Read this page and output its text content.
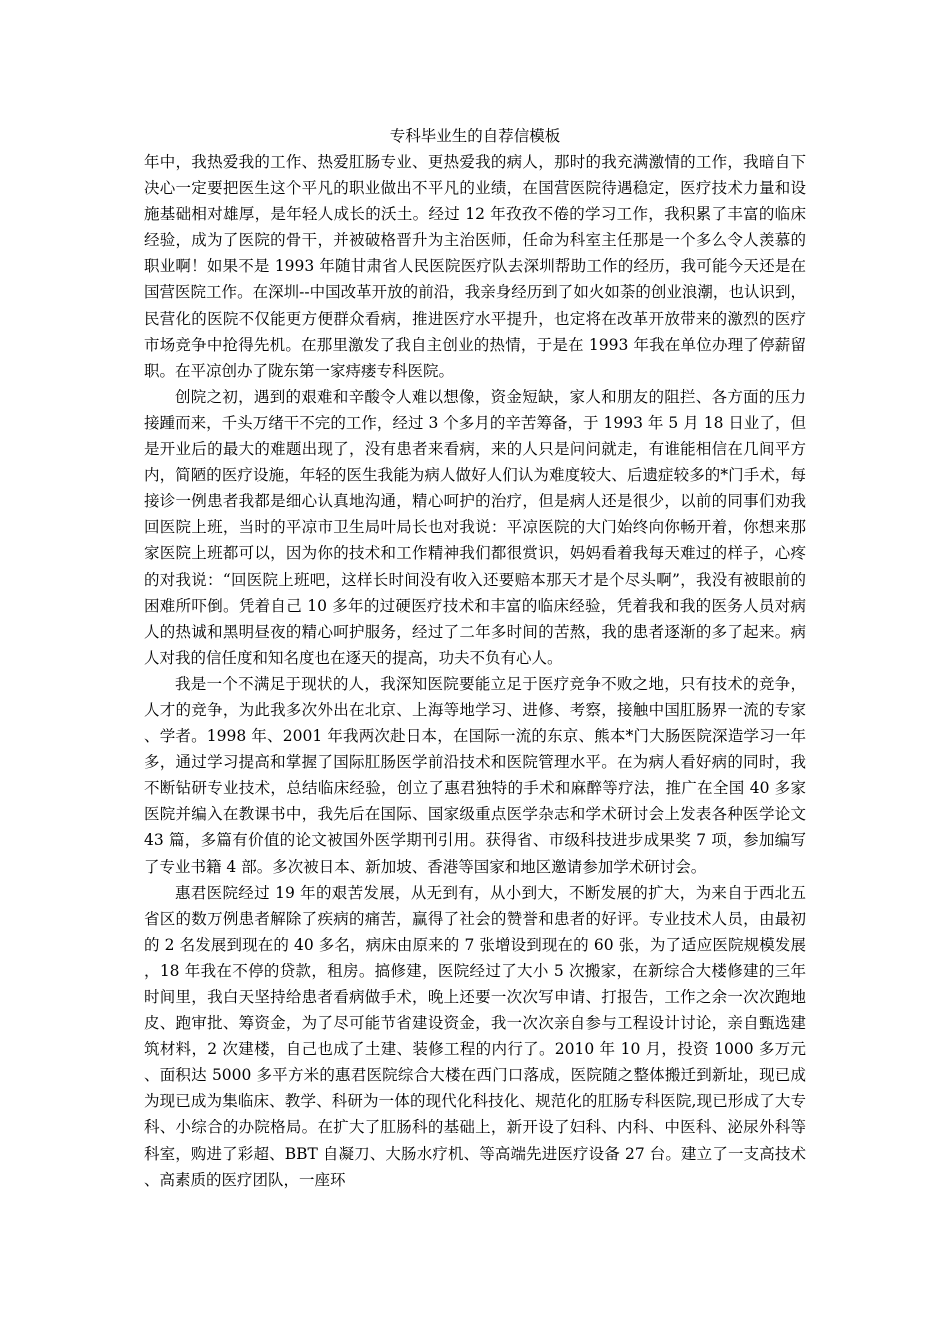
专科毕业生的自荐信模板

年中，我热爱我的工作、热爱肛肠专业、更热爱我的病人，那时的我充满激情的工作，我暗自下决心一定要把医生这个平凡的职业做出不平凡的业绩，在国营医院待遇稳定，医疗技术力量和设施基础相对雄厚，是年轻人成长的沃土。经过 12 年孜孜不倦的学习工作，我积累了丰富的临床经验，成为了医院的骨干，并被破格晋升为主治医师，任命为科室主任那是一个多么令人羡慕的职业啊！如果不是 1993 年随甘肃省人民医院医疗队去深圳帮助工作的经历，我可能今天还是在国营医院工作。在深圳--中国改革开放的前沿，我亲身经历到了如火如荼的创业浪潮，也认识到，民营化的医院不仅能更方便群众看病，推进医疗水平提升，也定将在改革开放带来的激烈的医疗市场竞争中抢得先机。在那里激发了我自主创业的热情，于是在 1993 年我在单位办理了停薪留职。在平凉创办了陇东第一家痔瘘专科医院。

创院之初，遇到的艰难和辛酸令人难以想像，资金短缺，家人和朋友的阻拦、各方面的压力接踵而来，千头万绪干不完的工作，经过 3 个多月的辛苦筹备，于 1993 年 5 月 18 日业了，但是开业后的最大的难题出现了，没有患者来看病，来的人只是问问就走，有谁能相信在几间平方内，简陋的医疗设施，年轻的医生我能为病人做好人们认为难度较大、后遗症较多的*门手术，每接诊一例患者我都是细心认真地沟通，精心呵护的治疗，但是病人还是很少，以前的同事们劝我回医院上班，当时的平凉市卫生局叶局长也对我说：平凉医院的大门始终向你畅开着，你想来那家医院上班都可以，因为你的技术和工作精神我们都很赏识，妈妈看着我每天难过的样子，心疼的对我说：“回医院上班吧，这样长时间没有收入还要赔本那天才是个尽头啊”，我没有被眼前的困难所吓倒。凭着自己 10 多年的过硬医疗技术和丰富的临床经验，凭着我和我的医务人员对病人的热诚和黑明昼夜的精心呵护服务，经过了二年多时间的苦熬，我的患者逐渐的多了起来。病人对我的信任度和知名度也在逐天的提高，功夫不负有心人。

我是一个不满足于现状的人，我深知医院要能立足于医疗竞争不败之地，只有技术的竞争，人才的竞争，为此我多次外出在北京、上海等地学习、进修、考察，接触中国肛肠界一流的专家、学者。1998 年、2001 年我两次赴日本，在国际一流的东京、熊本*门大肠医院深造学习一年多，通过学习提高和掌握了国际肛肠医学前沿技术和医院管理水平。在为病人看好病的同时，我不断钻研专业技术，总结临床经验，创立了惠君独特的手术和麻醉等疗法，推广在全国 40 多家医院并编入在教课书中，我先后在国际、国家级重点医学杂志和学术研讨会上发表各种医学论文 43 篇，多篇有价值的论文被国外医学期刊引用。获得省、市级科技进步成果奖 7 项，参加编写了专业书籍 4 部。多次被日本、新加坡、香港等国家和地区邀请参加学术研讨会。

惠君医院经过 19 年的艰苦发展，从无到有，从小到大，不断发展的扩大，为来自于西北五省区的数万例患者解除了疾病的痛苦，赢得了社会的赞誉和患者的好评。专业技术人员，由最初的 2 名发展到现在的 40 多名，病床由原来的 7 张增设到现在的 60 张，为了适应医院规模发展，18 年我在不停的贷款，租房。搞修建，医院经过了大小 5 次搬家，在新综合大楼修建的三年时间里，我白天坚持给患者看病做手术，晚上还要一次次写申请、打报告，工作之余一次次跑地皮、跑审批、筹资金，为了尽可能节省建设资金，我一次次亲自参与工程设计讨论，亲自甄选建筑材料，2 次建楼，自己也成了土建、装修工程的内行了。2010 年 10 月，投资 1000 多万元、面积达 5000 多平方米的惠君医院综合大楼在西门口落成，医院随之整体搬迁到新址，现已成为现已成为集临床、教学、科研为一体的现代化科技化、规范化的肛肠专科医院,现已形成了大专科、小综合的办院格局。在扩大了肛肠科的基础上，新开设了妇科、内科、中医科、泌尿外科等科室，购进了彩超、BBT 自凝刀、大肠水疗机、等高端先进医疗设备 27 台。建立了一支高技术、高素质的医疗团队，一座环
